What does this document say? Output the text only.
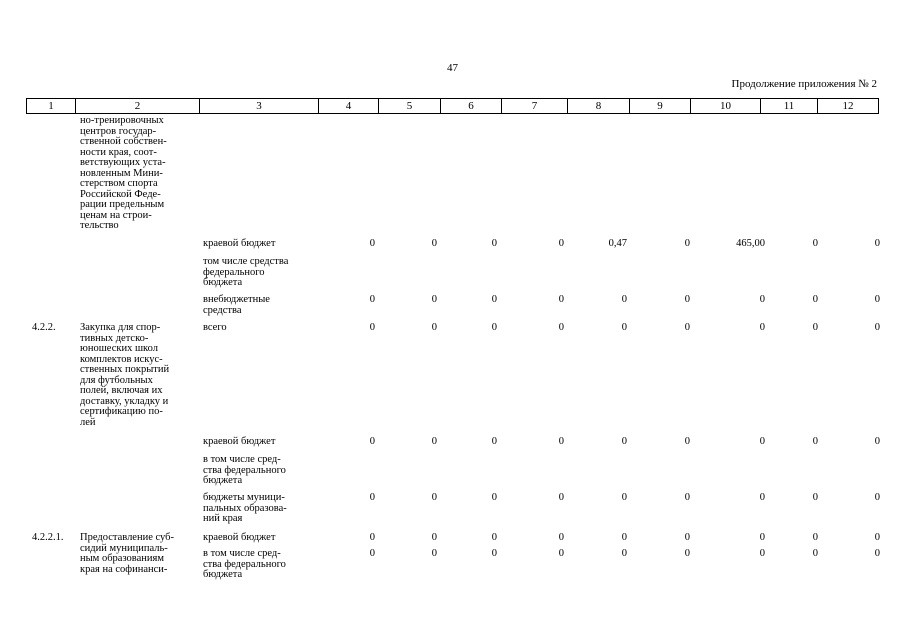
47
Продолжение приложения № 2
1	2	3	4	5	6	7	8	9	10	11	12
но-тренировочных
центров государ-
ственной собствен-
ности края, соот-
ветствующих уста-
новленным Мини-
стерством спорта
Российской Феде-
рации предельным
ценам на строи-
тельство
краевой бюджет	0	0	0	0	0,47	0	465,00	0	0
том числе средства
федерального
бюджета
внебюджетные
средства
0	0	0	0	0	0	0	0	0
4.2.2. Закупка для спор-
тивных детско-
юношеских школ
комплектов искус-
ственных покрытий
для футбольных
полей, включая их
доставку, укладку и
сертификацию по-
лей
всего	0	0	0	0	0	0	0	0	0
краевой бюджет	0	0	0	0	0	0	0	0	0
в том числе сред-
ства федерального
бюджета
бюджеты муници-
пальных образова-
ний края
0	0	0	0	0	0	0	0	0
4.2.2.1. Предоставление суб-
сидий муниципаль-
ным образованиям
края на софинанси-
краевой бюджет	0	0	0	0	0	0	0	0	0
в том числе сред-
ства федерального
бюджета
0	0	0	0	0	0	0	0	0
